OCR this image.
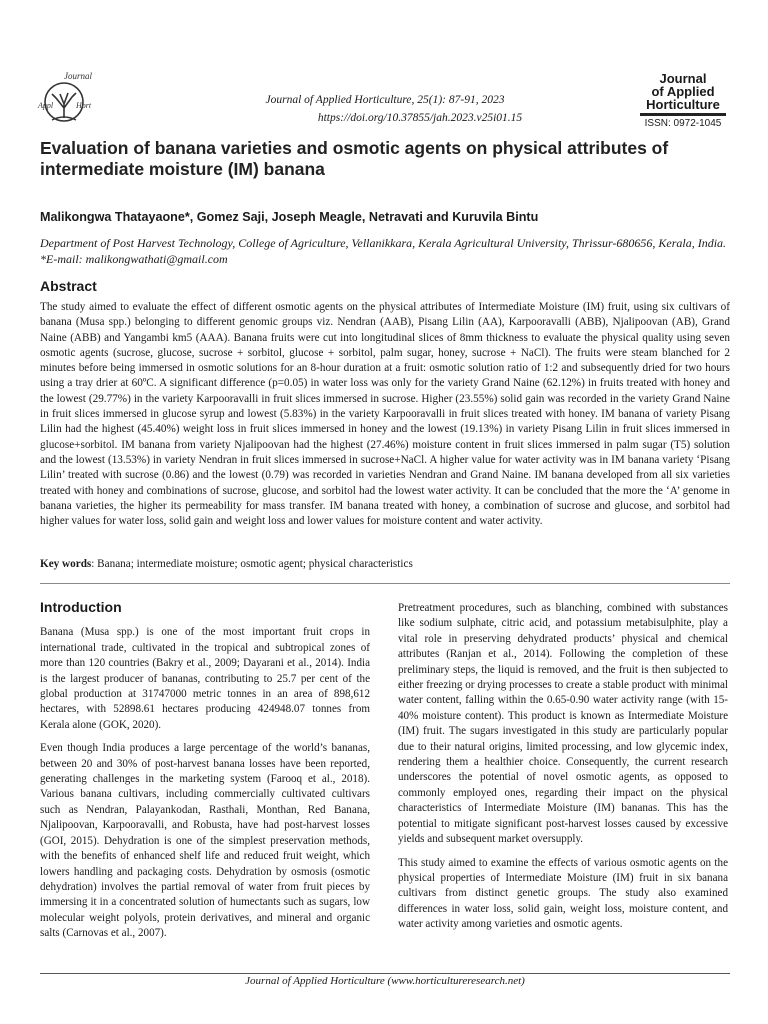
Journal
Appl	Hort	Journal of Applied Horticulture, 25(1): 87-91, 2023
https://doi.org/10.37855/jah.2023.v25i01.15
Journal
of Applied
Horticulture
ISSN: 0972-1045
Evaluation of banana varieties and osmotic agents on physical attributes of intermediate moisture (IM) banana
Malikongwa Thatayaone*, Gomez Saji, Joseph Meagle, Netravati and Kuruvila Bintu
Department of Post Harvest Technology, College of Agriculture, Vellanikkara, Kerala Agricultural University, Thrissur-680656, Kerala, India. *E-mail: malikongwathati@gmail.com
Abstract
The study aimed to evaluate the effect of different osmotic agents on the physical attributes of Intermediate Moisture (IM) fruit, using six cultivars of banana (Musa spp.) belonging to different genomic groups viz. Nendran (AAB), Pisang Lilin (AA), Karpooravalli (ABB), Njalipoovan (AB), Grand Naine (ABB) and Yangambi km5 (AAA). Banana fruits were cut into longitudinal slices of 8mm thickness to evaluate the physical quality using seven osmotic agents (sucrose, glucose, sucrose + sorbitol, glucose + sorbitol, palm sugar, honey, sucrose + NaCl). The fruits were steam blanched for 2 minutes before being immersed in osmotic solutions for an 8-hour duration at a fruit: osmotic solution ratio of 1:2 and subsequently dried for two hours using a tray drier at 60ºC. A significant difference (p=0.05) in water loss was only for the variety Grand Naine (62.12%) in fruits treated with honey and the lowest (29.77%) in the variety Karpooravalli in fruit slices immersed in sucrose. Higher (23.55%) solid gain was recorded in the variety Grand Naine in fruit slices immersed in glucose syrup and lowest (5.83%) in the variety Karpooravalli in fruit slices treated with honey. IM banana of variety Pisang Lilin had the highest (45.40%) weight loss in fruit slices immersed in honey and the lowest (19.13%) in variety Pisang Lilin in fruit slices immersed in glucose+sorbitol. IM banana from variety Njalipoovan had the highest (27.46%) moisture content in fruit slices immersed in palm sugar (T5) solution and the lowest (13.53%) in variety Nendran in fruit slices immersed in sucrose+NaCl. A higher value for water activity was in IM banana variety ‘Pisang Lilin’ treated with sucrose (0.86) and the lowest (0.79) was recorded in varieties Nendran and Grand Naine. IM banana developed from all six varieties treated with honey and combinations of sucrose, glucose, and sorbitol had the lowest water activity. It can be concluded that the more the ‘A’ genome in banana varieties, the higher its permeability for mass transfer. IM banana treated with honey, a combination of sucrose and glucose, and sorbitol had higher values for water loss, solid gain and weight loss and lower values for moisture content and water activity.
Key words: Banana; intermediate moisture; osmotic agent; physical characteristics
Introduction

Banana (Musa spp.) is one of the most important fruit crops in international trade, cultivated in the tropical and subtropical zones of more than 120 countries (Bakry et al., 2009; Dayarani et al., 2014). India is the largest producer of bananas, contributing to 25.7 per cent of the global production at 31747000 metric tonnes in an area of 898,612 hectares, with 52898.61 hectares producing 424948.07 tonnes from Kerala alone (GOK, 2020).

Even though India produces a large percentage of the world’s bananas, between 20 and 30% of post-harvest banana losses have been reported, generating challenges in the marketing system (Farooq et al., 2018). Various banana cultivars, including commercially cultivated cultivars such as Nendran, Palayankodan, Rasthali, Monthan, Red Banana, Njalipoovan, Karpooravalli, and Robusta, have had post-harvest losses (GOI, 2015). Dehydration is one of the simplest preservation methods, with the benefits of enhanced shelf life and reduced fruit weight, which lowers handling and packaging costs. Dehydration by osmosis (osmotic dehydration) involves the partial removal of water from fruit pieces by immersing it in a concentrated solution of humectants such as sugars, low molecular weight polyols, protein derivatives, and mineral and organic salts (Carnovas et al., 2007).

Pretreatment procedures, such as blanching, combined with substances like sodium sulphate, citric acid, and potassium metabisulphite, play a vital role in preserving dehydrated products’ physical and chemical attributes (Ranjan et al., 2014). Following the completion of these preliminary steps, the liquid is removed, and the fruit is then subjected to either freezing or drying processes to create a stable product with minimal water content, falling within the 0.65-0.90 water activity range (with 15-40% moisture content). This product is known as Intermediate Moisture (IM) fruit. The sugars investigated in this study are particularly popular due to their natural origins, limited processing, and low glycemic index, rendering them a healthier choice. Consequently, the current research underscores the potential of novel osmotic agents, as opposed to commonly employed ones, regarding their impact on the physical characteristics of Intermediate Moisture (IM) bananas. This has the potential to mitigate significant post-harvest losses caused by excessive yields and subsequent market oversupply.

This study aimed to examine the effects of various osmotic agents on the physical properties of Intermediate Moisture (IM) fruit in six banana cultivars from distinct genetic groups. The study also examined differences in water loss, solid gain, weight loss, moisture content, and water activity among varieties and osmotic agents.

Journal of Applied Horticulture (www.horticultureresearch.net)
